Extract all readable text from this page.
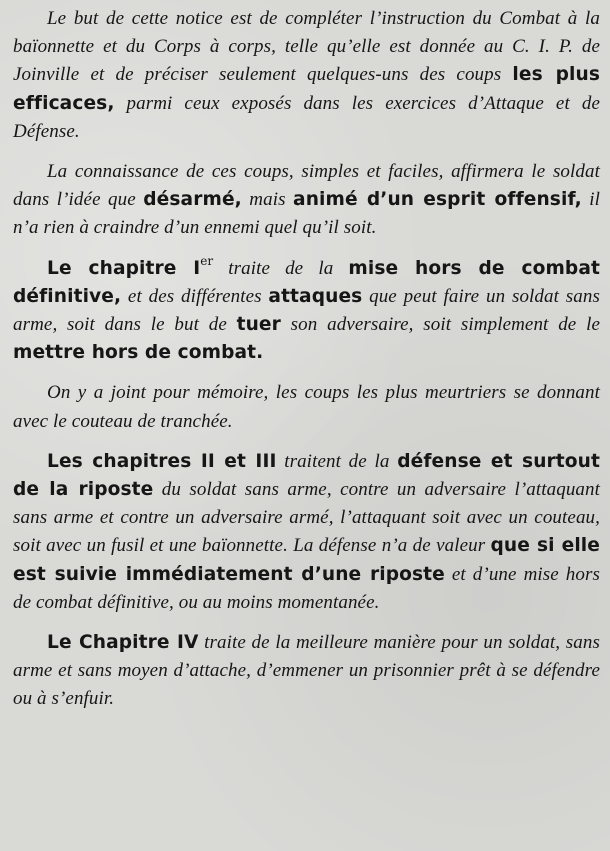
Le but de cette notice est de compléter l’instruction du Combat à la baïonnette et du Corps à corps, telle qu’elle est donnée au C. I. P. de Joinville et de préciser seulement quelques-uns des coups les plus efficaces, parmi ceux exposés dans les exercices d’Attaque et de Défense.

La connaissance de ces coups, simples et faciles, affirmera le soldat dans l’idée que désarmé, mais animé d’un esprit offensif, il n’a rien à craindre d’un ennemi quel qu’il soit.

Le chapitre Ier traite de la mise hors de combat définitive, et des différentes attaques que peut faire un soldat sans arme, soit dans le but de tuer son adversaire, soit simplement de le mettre hors de combat.

On y a joint pour mémoire, les coups les plus meurtriers se donnant avec le couteau de tranchée.

Les chapitres II et III traitent de la défense et surtout de la riposte du soldat sans arme, contre un adversaire l’attaquant sans arme et contre un adversaire armé, l’attaquant soit avec un couteau, soit avec un fusil et une baïonnette. La défense n’a de valeur que si elle est suivie immédiatement d’une riposte et d’une mise hors de combat définitive, ou au moins momentanée.

Le Chapitre IV traite de la meilleure manière pour un soldat, sans arme et sans moyen d’attache, d’emmener un prisonnier prêt à se défendre ou à s’enfuir.
